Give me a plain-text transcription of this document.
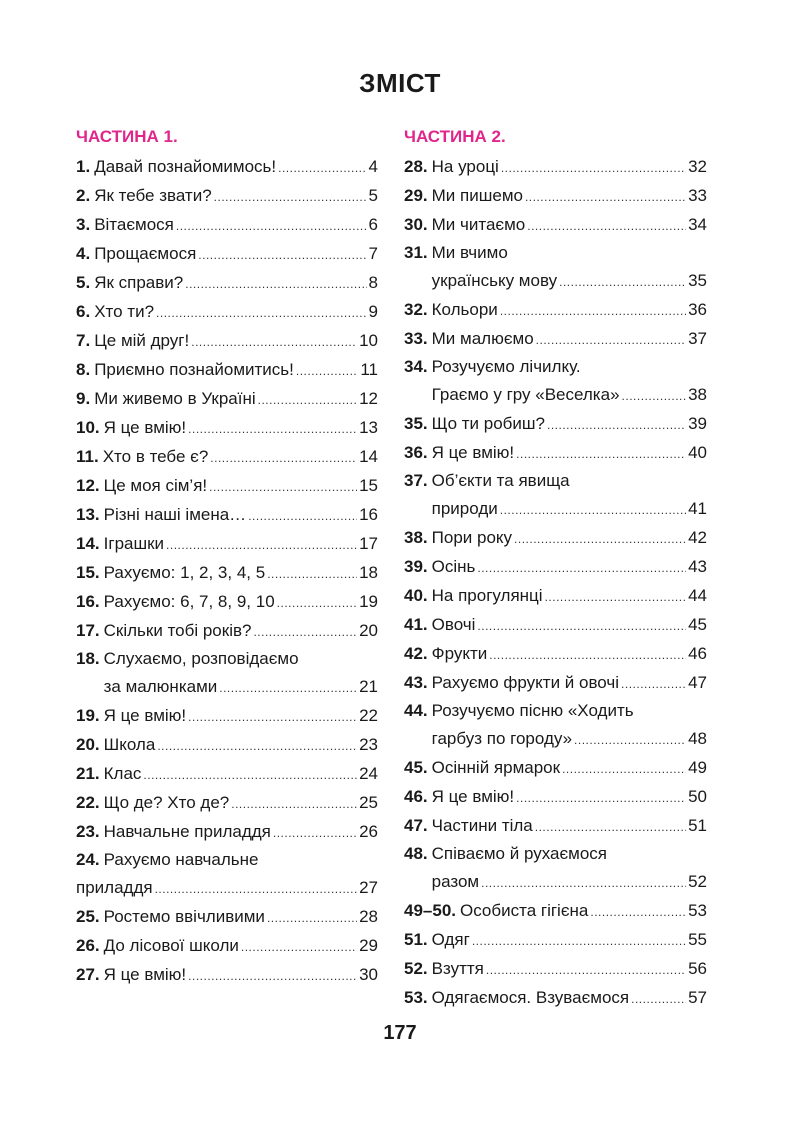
ЗМІСТ
ЧАСТИНА 1.
1. Давай познайомимось! .....	4
2. Як тебе звати? .....	5
3. Вітаємося .....	6
4. Прощаємося .....	7
5. Як справи? .....	8
6. Хто ти? .....	9
7. Це мій друг! .....	10
8. Приємно познайомитись! .....	11
9. Ми живемо в Україні .....	12
10. Я це вмію! .....	13
11. Хто в тебе є? .....	14
12. Це моя сім’я! .....	15
13. Різні наші імена… .....	16
14. Іграшки .....	17
15. Рахуємо: 1, 2, 3, 4, 5 .....	18
16. Рахуємо: 6, 7, 8, 9, 10 .....	19
17. Скільки тобі років? .....	20
18. Слухаємо, розповідаємо
за малюнками .....	21
19. Я це вмію! .....	22
20. Школа .....	23
21. Клас .....	24
22. Що де? Хто де? .....	25
23. Навчальне приладдя .....	26
24. Рахуємо навчальне
приладдя .....	27
25. Ростемо ввічливими .....	28
26. До лісової школи .....	29
27. Я це вмію! .....	30
ЧАСТИНА 2.
28. На уроці .....	32
29. Ми пишемо .....	33
30. Ми читаємо .....	34
31. Ми вчимо
українську мову .....	35
32. Кольори .....	36
33. Ми малюємо .....	37
34. Розучуємо лічилку.
Граємо у гру «Веселка» .....	38
35. Що ти робиш? .....	39
36. Я це вмію! .....	40
37. Об’єкти та явища
природи .....	41
38. Пори року .....	42
39. Осінь .....	43
40. На прогулянці .....	44
41. Овочі .....	45
42. Фрукти .....	46
43. Рахуємо фрукти й овочі .....	47
44. Розучуємо пісню «Ходить
гарбуз по городу» .....	48
45. Осінній ярмарок .....	49
46. Я це вмію! .....	50
47. Частини тіла .....	51
48. Співаємо й рухаємося
разом .....	52
49–50. Особиста гігієна .....	53
51. Одяг .....	55
52. Взуття .....	56
53. Одягаємося. Взуваємося .....	57
177
